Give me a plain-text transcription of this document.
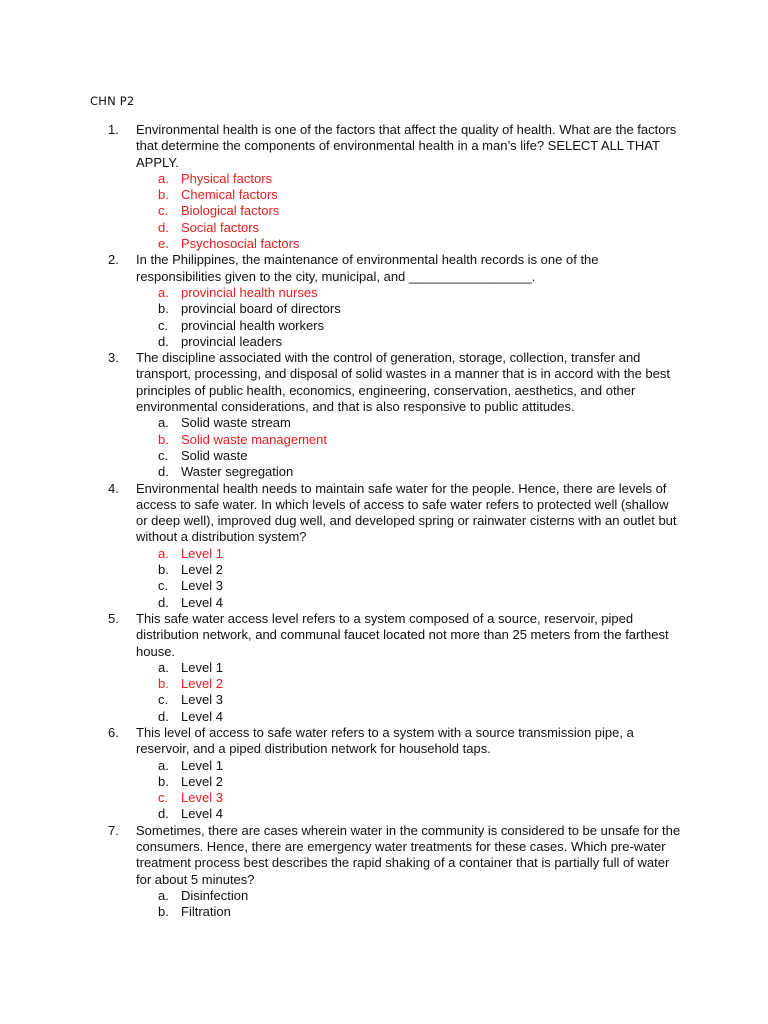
CHN P2
1.	Environmental health is one of the factors that affect the quality of health. What are the factors that determine the components of environmental health in a man’s life? SELECT ALL THAT APPLY.

a. Physical factors
b. Chemical factors
c. Biological factors
d. Social factors
e. Psychosocial factors
2.	In the Philippines, the maintenance of environmental health records is one of the responsibilities given to the city, municipal, and _________________.

a. provincial health nurses
b. provincial board of directors
c. provincial health workers
d. provincial leaders
3.	The discipline associated with the control of generation, storage, collection, transfer and transport, processing, and disposal of solid wastes in a manner that is in accord with the best principles of public health, economics, engineering, conservation, aesthetics, and other environmental considerations, and that is also responsive to public attitudes.

a. Solid waste stream
b. Solid waste management
c. Solid waste
d. Waster segregation
4.	Environmental health needs to maintain safe water for the people. Hence, there are levels of access to safe water. In which levels of access to safe water refers to protected well (shallow or deep well), improved dug well, and developed spring or rainwater cisterns with an outlet but without a distribution system?

a. Level 1
b. Level 2
c. Level 3
d. Level 4
5.	This safe water access level refers to a system composed of a source, reservoir, piped distribution network, and communal faucet located not more than 25 meters from the farthest house.

a. Level 1
b. Level 2
c. Level 3
d. Level 4
6.	This level of access to safe water refers to a system with a source transmission pipe, a reservoir, and a piped distribution network for household taps.

a. Level 1
b. Level 2
c. Level 3
d. Level 4
7.	Sometimes, there are cases wherein water in the community is considered to be unsafe for the consumers. Hence, there are emergency water treatments for these cases. Which pre-water treatment process best describes the rapid shaking of a container that is partially full of water for about 5 minutes?

a. Disinfection
b. Filtration
